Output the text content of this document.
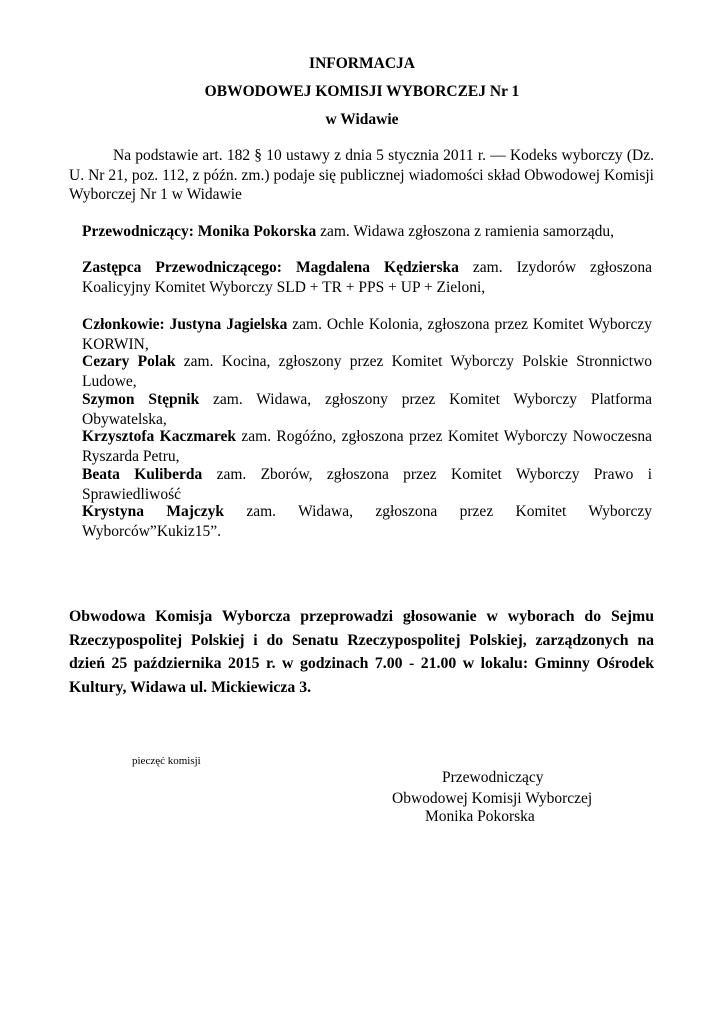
INFORMACJA
OBWODOWEJ KOMISJI WYBORCZEJ Nr 1
w Widawie
Na podstawie art. 182 § 10 ustawy z dnia 5 stycznia 2011 r. — Kodeks wyborczy (Dz. U. Nr 21, poz. 112, z późn. zm.) podaje się publicznej wiadomości skład Obwodowej Komisji Wyborczej Nr 1 w Widawie
Przewodniczący: Monika Pokorska zam. Widawa zgłoszona z ramienia samorządu,
Zastępca Przewodniczącego: Magdalena Kędzierska zam. Izydorów zgłoszona Koalicyjny Komitet Wyborczy SLD + TR + PPS + UP + Zieloni,
Członkowie: Justyna Jagielska zam. Ochle Kolonia, zgłoszona przez Komitet Wyborczy KORWIN,
Cezary Polak zam. Kocina, zgłoszony przez Komitet Wyborczy Polskie Stronnictwo Ludowe,
Szymon Stępnik zam. Widawa, zgłoszony przez Komitet Wyborczy Platforma Obywatelska,
Krzysztofa Kaczmarek zam. Rogóźno, zgłoszona przez Komitet Wyborczy Nowoczesna Ryszarda Petru,
Beata Kuliberda zam. Zborów, zgłoszona przez Komitet Wyborczy Prawo i Sprawiedliwość
Krystyna Majczyk zam. Widawa, zgłoszona przez Komitet Wyborczy Wyborców”Kukiz15”.
Obwodowa Komisja Wyborcza przeprowadzi głosowanie w wyborach do Sejmu Rzeczypospolitej Polskiej i do Senatu Rzeczypospolitej Polskiej, zarządzonych na dzień 25 października 2015 r. w godzinach 7.00 - 21.00 w lokalu: Gminny Ośrodek Kultury, Widawa ul. Mickiewicza 3.
pieczęć komisji
Przewodniczący
Obwodowej Komisji Wyborczej
Monika Pokorska
